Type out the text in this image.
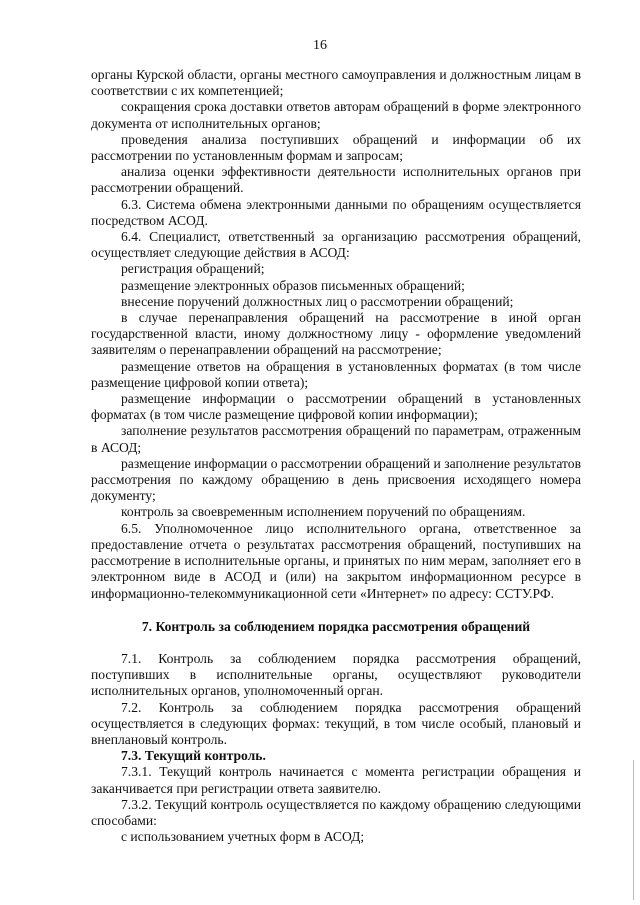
16

органы Курской области, органы местного самоуправления и должностным лицам в соответствии с их компетенцией;

сокращения срока доставки ответов авторам обращений в форме электронного документа от исполнительных органов;

проведения анализа поступивших обращений и информации об их рассмотрении по установленным формам и запросам;

анализа оценки эффективности деятельности исполнительных органов при рассмотрении обращений.

6.3. Система обмена электронными данными по обращениям осуществляется посредством АСОД.

6.4. Специалист, ответственный за организацию рассмотрения обращений, осуществляет следующие действия в АСОД:

регистрация обращений;

размещение электронных образов письменных обращений;

внесение поручений должностных лиц о рассмотрении обращений;

в случае перенаправления обращений на рассмотрение в иной орган государственной власти, иному должностному лицу - оформление уведомлений заявителям о перенаправлении обращений на рассмотрение;

размещение ответов на обращения в установленных форматах (в том числе размещение цифровой копии ответа);

размещение информации о рассмотрении обращений в установленных форматах (в том числе размещение цифровой копии информации);

заполнение результатов рассмотрения обращений по параметрам, отраженным в АСОД;

размещение информации о рассмотрении обращений и заполнение результатов рассмотрения по каждому обращению в день присвоения исходящего номера документу;

контроль за своевременным исполнением поручений по обращениям.

6.5. Уполномоченное лицо исполнительного органа, ответственное за предоставление отчета о результатах рассмотрения обращений, поступивших на рассмотрение в исполнительные органы, и принятых по ним мерам, заполняет его в электронном виде в АСОД и (или) на закрытом информационном ресурсе в информационно-телекоммуникационной сети «Интернет» по адресу: ССТУ.РФ.

7. Контроль за соблюдением порядка рассмотрения обращений

7.1. Контроль за соблюдением порядка рассмотрения обращений, поступивших в исполнительные органы, осуществляют руководители исполнительных органов, уполномоченный орган.

7.2. Контроль за соблюдением порядка рассмотрения обращений осуществляется в следующих формах: текущий, в том числе особый, плановый и внеплановый контроль.

7.3. Текущий контроль.

7.3.1. Текущий контроль начинается с момента регистрации обращения и заканчивается при регистрации ответа заявителю.

7.3.2. Текущий контроль осуществляется по каждому обращению следующими способами:

с использованием учетных форм в АСОД;
